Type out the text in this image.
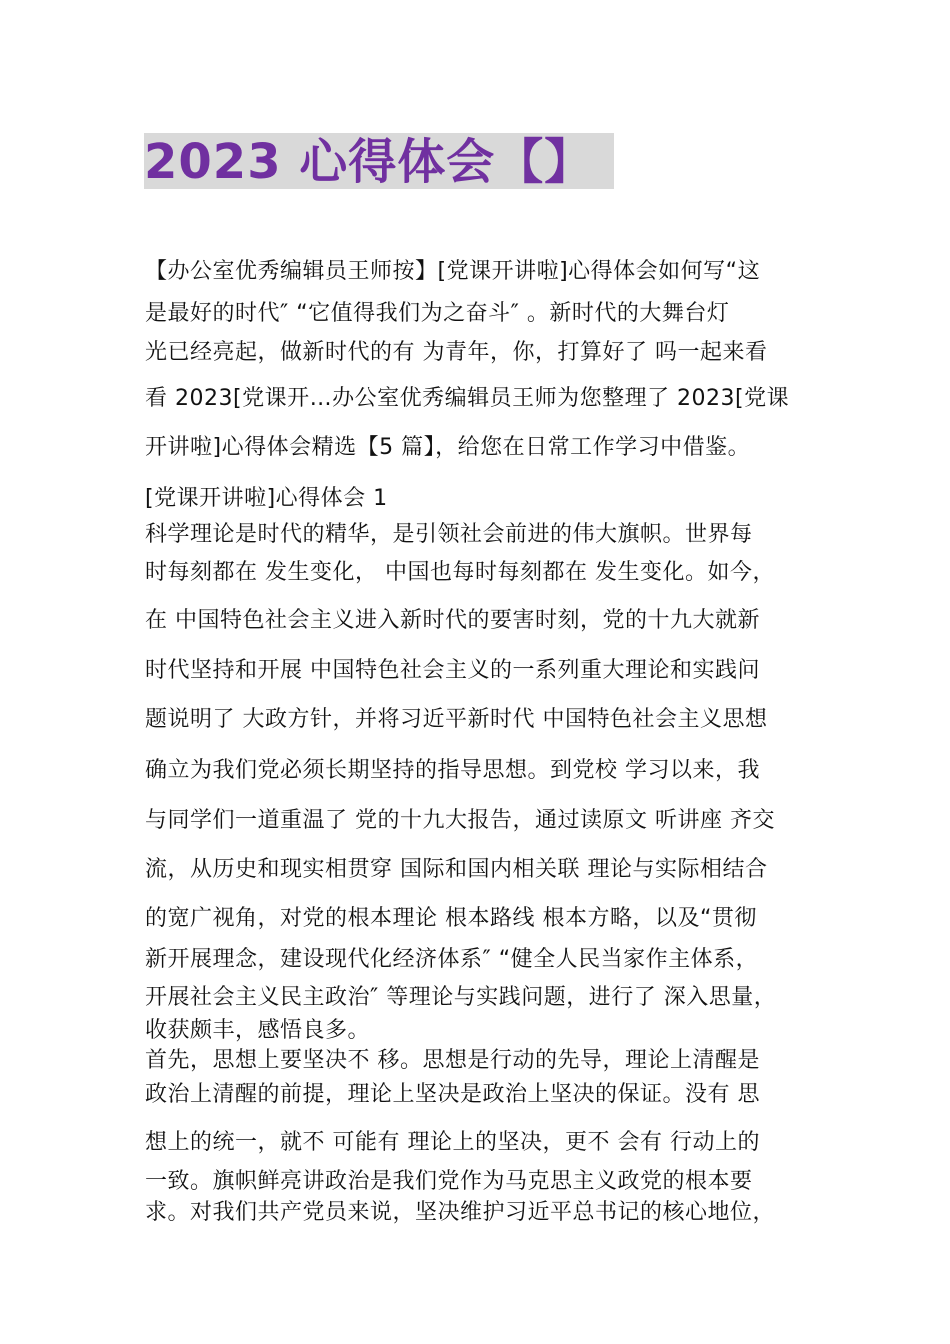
2023 心得体会【】
【办公室优秀编辑员王师按】[党课开讲啦]心得体会如何写“这
是最好的时代″ “它值得我们为之奋斗″ 。新时代的大舞台灯
光已经亮起，做新时代的有 为青年，你，打算好了 吗一起来看
看 2023[党课开…办公室优秀编辑员王师为您整理了 2023[党课
开讲啦]心得体会精选【5 篇】，给您在日常工作学习中借鉴。
[党课开讲啦]心得体会 1
科学理论是时代的精华，是引领社会前进的伟大旗帜。世界每
时每刻都在 发生变化， 中国也每时每刻都在 发生变化。如今，
在 中国特色社会主义进入新时代的要害时刻，党的十九大就新
时代坚持和开展 中国特色社会主义的一系列重大理论和实践问
题说明了 大政方针，并将习近平新时代 中国特色社会主义思想
确立为我们党必须长期坚持的指导思想。到党校 学习以来，我
与同学们一道重温了 党的十九大报告，通过读原文 听讲座 齐交
流，从历史和现实相贯穿 国际和国内相关联 理论与实际相结合
的宽广视角，对党的根本理论 根本路线 根本方略，以及“贯彻
新开展理念，建设现代化经济体系″ “健全人民当家作主体系，
开展社会主义民主政治″ 等理论与实践问题，进行了 深入思量，
收获颇丰，感悟良多。
首先，思想上要坚决不 移。思想是行动的先导，理论上清醒是
政治上清醒的前提，理论上坚决是政治上坚决的保证。没有 思
想上的统一，就不 可能有 理论上的坚决，更不 会有 行动上的
一致。旗帜鲜亮讲政治是我们党作为马克思主义政党的根本要
求。对我们共产党员来说，坚决维护习近平总书记的核心地位，
